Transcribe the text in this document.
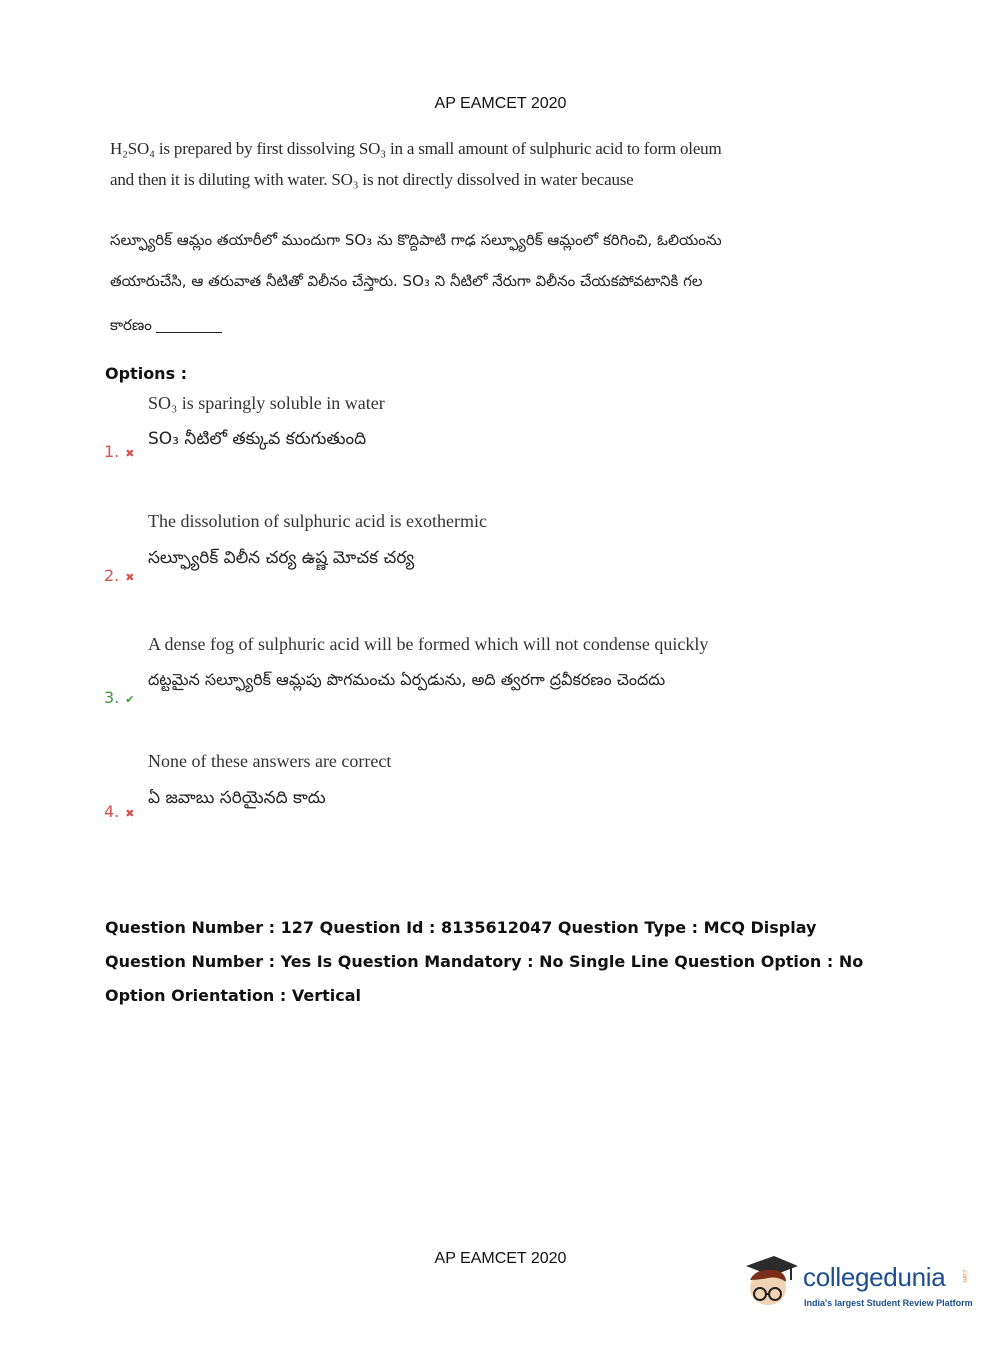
AP EAMCET 2020
H₂SO₄ is prepared by first dissolving SO₃ in a small amount of sulphuric acid to form oleum
and then it is diluting with water. SO₃ is not directly dissolved in water because
సల్ఫ్యూరిక్ ఆమ్లం తయారీలో ముందుగా SO₃ ను కొద్దిపాటి గాఢ సల్ఫ్యూరిక్ ఆమ్లంలో కరిగించి, ఓలియంను
తయారుచేసి, ఆ తరువాత నీటితో విలీనం చేస్తారు. SO₃ ని నీటిలో నేరుగా విలీనం చేయకపోవటానికి గల
కారణం
Options :
SO₃ is sparingly soluble in water
SO₃ నీటిలో తక్కువ కరుగుతుంది
1. ✖
The dissolution of sulphuric acid is exothermic
సల్ఫ్యూరిక్ విలీన చర్య ఉష్ణ మోచక చర్య
2. ✖
A dense fog of sulphuric acid will be formed which will not condense quickly
దట్టమైన సల్ఫ్యూరిక్ ఆమ్లపు పొగమంచు ఏర్పడును, అది త్వరగా ద్రవీకరణం చెందదు
3. ✔
None of these answers are correct
ఏ జవాబు సరియైనది కాదు
4. ✖
Question Number : 127 Question Id : 8135612047 Question Type : MCQ Display Question Number : Yes Is Question Mandatory : No Single Line Question Option : No Option Orientation : Vertical
AP EAMCET 2020
collegedunia	.com
India's largest Student Review Platform
